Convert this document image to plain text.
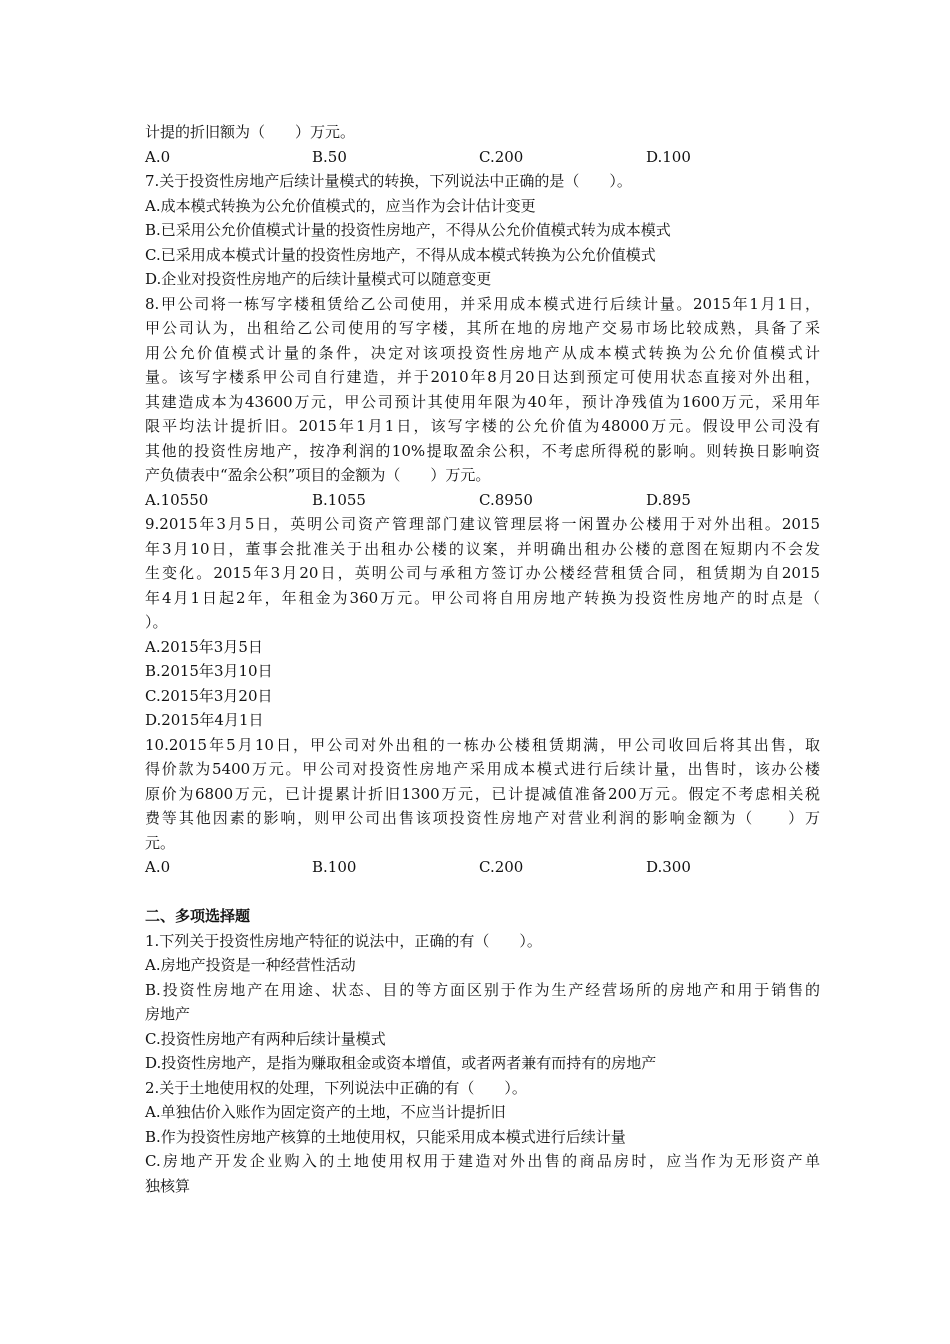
计提的折旧额为（　　）万元。
A.0	B.50	C.200	D.100
7.关于投资性房地产后续计量模式的转换，下列说法中正确的是（　　）。
A.成本模式转换为公允价值模式的，应当作为会计估计变更
B.已采用公允价值模式计量的投资性房地产，不得从公允价值模式转为成本模式
C.已采用成本模式计量的投资性房地产，不得从成本模式转换为公允价值模式
D.企业对投资性房地产的后续计量模式可以随意变更
8.甲公司将一栋写字楼租赁给乙公司使用，并采用成本模式进行后续计量。2015年1月1日，
甲公司认为，出租给乙公司使用的写字楼，其所在地的房地产交易市场比较成熟，具备了采
用公允价值模式计量的条件，决定对该项投资性房地产从成本模式转换为公允价值模式计
量。该写字楼系甲公司自行建造，并于2010年8月20日达到预定可使用状态直接对外出租，
其建造成本为43600万元，甲公司预计其使用年限为40年，预计净残值为1600万元，采用年
限平均法计提折旧。2015年1月1日，该写字楼的公允价值为48000万元。假设甲公司没有
其他的投资性房地产，按净利润的10%提取盈余公积，不考虑所得税的影响。则转换日影响资
产负债表中“盈余公积”项目的金额为（　　）万元。
A.10550	B.1055	C.8950	D.895
9.2015年3月5日，英明公司资产管理部门建议管理层将一闲置办公楼用于对外出租。2015
年3月10日，董事会批准关于出租办公楼的议案，并明确出租办公楼的意图在短期内不会发
生变化。2015年3月20日，英明公司与承租方签订办公楼经营租赁合同，租赁期为自2015
年4月1日起2年，年租金为360万元。甲公司将自用房地产转换为投资性房地产的时点是（
）。
A.2015年3月5日
B.2015年3月10日
C.2015年3月20日
D.2015年4月1日
10.2015年5月10日，甲公司对外出租的一栋办公楼租赁期满，甲公司收回后将其出售，取
得价款为5400万元。甲公司对投资性房地产采用成本模式进行后续计量，出售时，该办公楼
原价为6800万元，已计提累计折旧1300万元，已计提减值准备200万元。假定不考虑相关税
费等其他因素的影响，则甲公司出售该项投资性房地产对营业利润的影响金额为（　　）万
元。
A.0	B.100	C.200	D.300
二、多项选择题
1.下列关于投资性房地产特征的说法中，正确的有（　　）。
A.房地产投资是一种经营性活动
B.投资性房地产在用途、状态、目的等方面区别于作为生产经营场所的房地产和用于销售的
房地产
C.投资性房地产有两种后续计量模式
D.投资性房地产，是指为赚取租金或资本增值，或者两者兼有而持有的房地产
2.关于土地使用权的处理，下列说法中正确的有（　　）。
A.单独估价入账作为固定资产的土地，不应当计提折旧
B.作为投资性房地产核算的土地使用权，只能采用成本模式进行后续计量
C.房地产开发企业购入的土地使用权用于建造对外出售的商品房时，应当作为无形资产单
独核算
